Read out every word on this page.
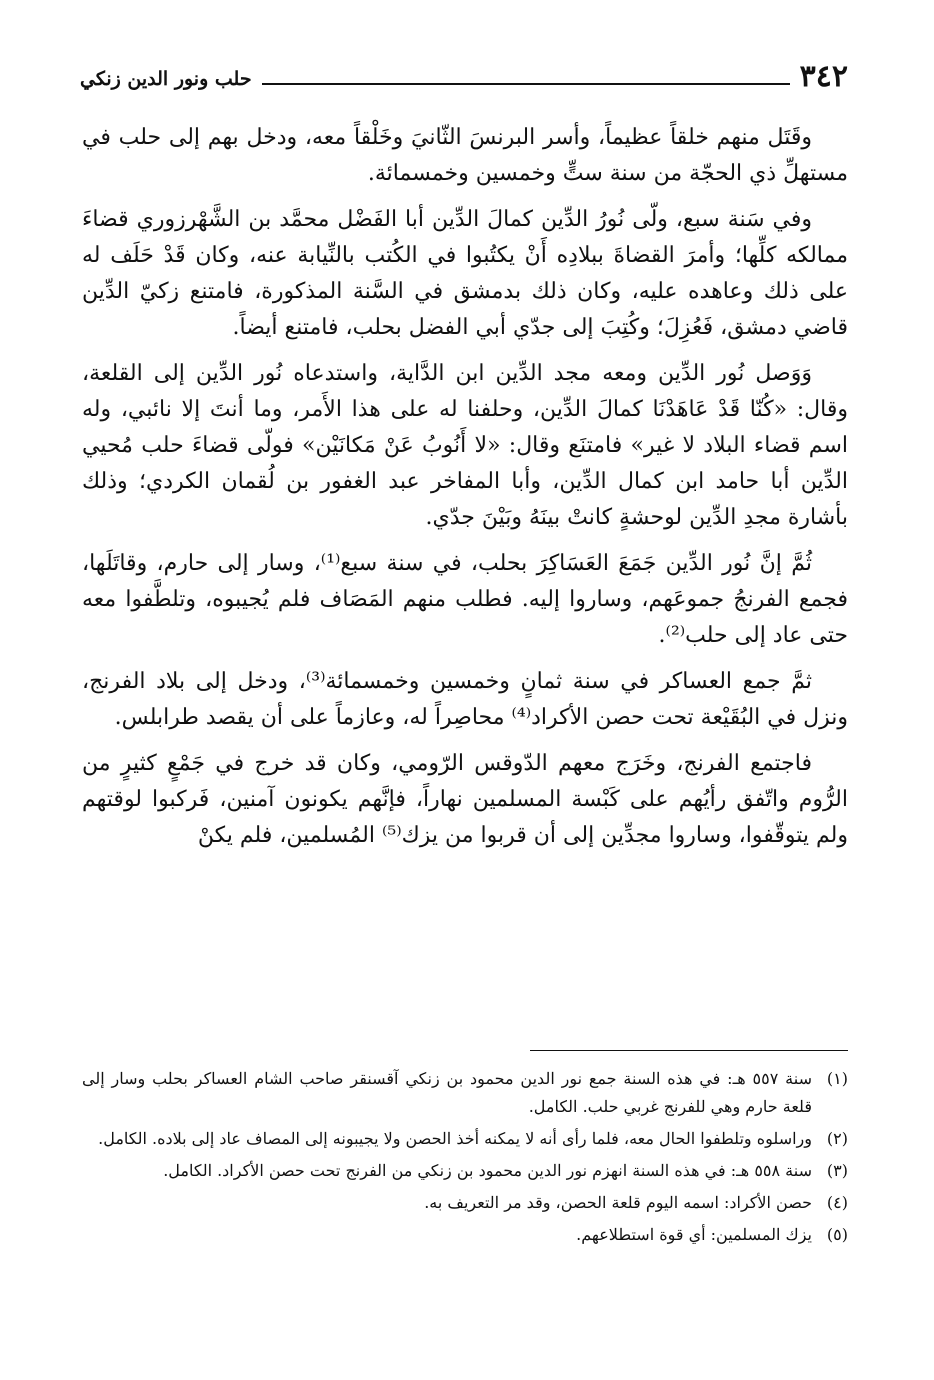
٣٤٢
حلب ونور الدين زنكي

وقَتَل منهم خلقاً عظيماً، وأسر البرنسَ الثّانيَ وخَلْقاً معه، ودخل بهم إلى حلب في مستهلِّ ذي الحجّة من سنة ستٍّ وخمسين وخمسمائة.

وفي سَنة سبع، ولّى نُورُ الدِّين كمالَ الدِّين أبا الفَضْل محمَّد بن الشَّهْرزوري قضاءَ ممالكه كلِّها؛ وأمرَ القضاةَ ببلادِه أَنْ يكتُبوا في الكُتب بالنِّيابة عنه، وكان قَدْ حَلَف له على ذلك وعاهده عليه، وكان ذلك بدمشق في السَّنة المذكورة، فامتنع زكيّ الدِّين قاضي دمشق، فَعُزِلَ؛ وكُتِبَ إلى جدّي أبي الفضل بحلب، فامتنع أيضاً.

وَوَصل نُور الدِّين ومعه مجد الدِّين ابن الدَّاية، واستدعاه نُور الدِّين إلى القلعة، وقال: «كُنّا قَدْ عَاهَدْنَا كمالَ الدِّين، وحلفنا له على هذا الأَمر، وما أنتَ إلا نائبي، وله اسم قضاء البلاد لا غير» فامتنَع وقال: «لا أَنُوبُ عَنْ مَكانَيْن» فولّى قضاءَ حلب مُحيي الدِّين أبا حامد ابن كمال الدِّين، وأبا المفاخر عبد الغفور بن لُقمان الكردي؛ وذلك بأشارة مجدِ الدِّين لوحشةٍ كانتْ بينَهُ وبَيْنَ جدّي.

ثُمَّ إنَّ نُور الدِّين جَمَعَ العَسَاكِرَ بحلب، في سنة سبع⁽¹⁾، وسار إلى حارم، وقاتَلَها، فجمع الفرنجُ جموعَهم، وساروا إليه. فطلب منهم المَصَاف فلم يُجيبوه، وتلطَّفوا معه حتى عاد إلى حلب⁽²⁾.

ثمَّ جمع العساكر في سنة ثمانٍ وخمسين وخمسمائة⁽³⁾، ودخل إلى بلاد الفرنج، ونزل في البُقَيْعة تحت حصن الأكراد⁽⁴⁾ محاصِراً له، وعازماً على أن يقصد طرابلس.

فاجتمع الفرنج، وخَرَج معهم الدّوقس الرّومي، وكان قد خرج في جَمْعٍ كثيرٍ من الرُّوم واتّفق رأيُهم على كَبْسة المسلمين نهاراً، فإنَّهم يكونون آمنين، فَركبوا لوقتهم ولم يتوقّفوا، وساروا مجدِّين إلى أن قربوا من يزك⁽⁵⁾ المُسلمين، فلم يكنْ

(١)سنة ٥٥٧ هـ: في هذه السنة جمع نور الدين محمود بن زنكي آقسنقر صاحب الشام العساكر بحلب وسار إلى قلعة حارم وهي للفرنج غربي حلب. الكامل.
(٢)وراسلوه وتلطفوا الحال معه، فلما رأى أنه لا يمكنه أخذ الحصن ولا يجيبونه إلى المصاف عاد إلى بلاده. الكامل.
(٣)سنة ٥٥٨ هـ: في هذه السنة انهزم نور الدين محمود بن زنكي من الفرنج تحت حصن الأكراد. الكامل.
(٤)حصن الأكراد: اسمه اليوم قلعة الحصن، وقد مر التعريف به.
(٥)يزك المسلمين: أي قوة استطلاعهم.
